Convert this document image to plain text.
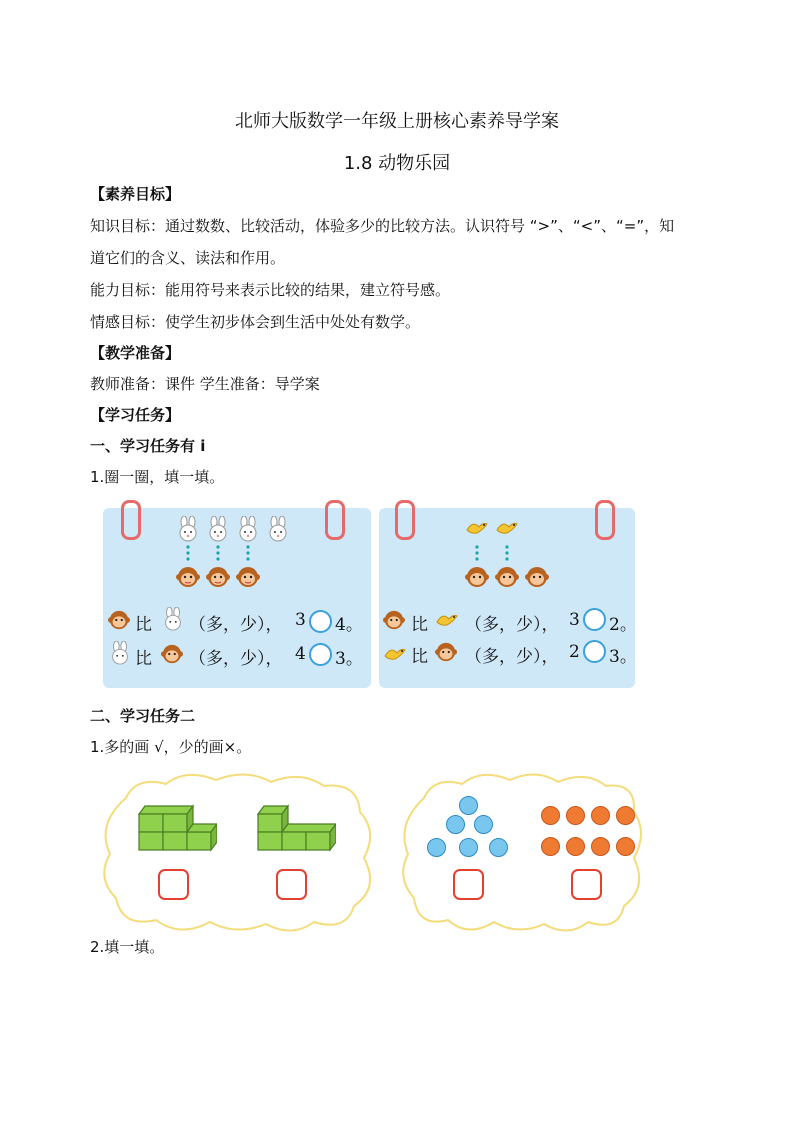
北师大版数学一年级上册核心素养导学案
1.8 动物乐园
【素养目标】
知识目标：通过数数、比较活动，体验多少的比较方法。认识符号 “>”、“<”、“=”，知
道它们的含义、读法和作用。
能力目标：能用符号来表示比较的结果，建立符号感。
情感目标：使学生初步体会到生活中处处有数学。
【教学准备】
教师准备：课件 学生准备：导学案
【学习任务】
一、学习任务有 i
1.圈一圈，填一填。
比 （多，少）， 3 4。
比 （多，少）， 4 3。
比 （多，少）， 3 2。
比 （多，少）， 2 3。
二、学习任务二
1.多的画 √，少的画×。
2.填一填。
